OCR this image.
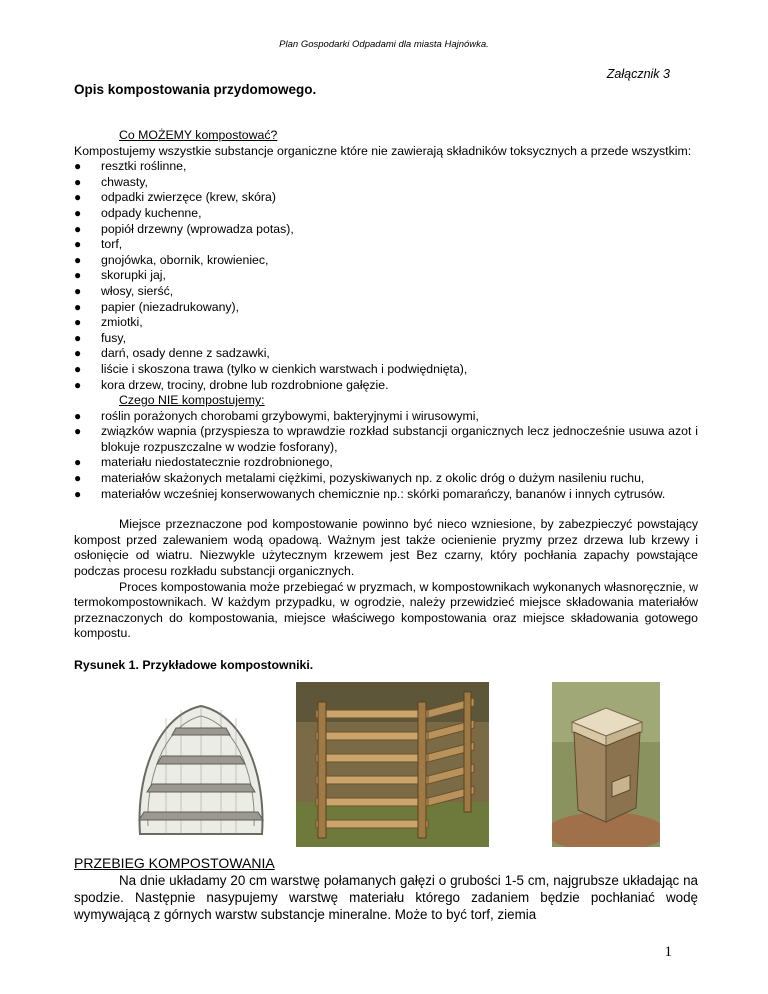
Plan Gospodarki Odpadami dla miasta Hajnówka.
Załącznik 3
Opis kompostowania przydomowego.
Co MOŻEMY kompostować?
Kompostujemy wszystkie substancje organiczne które nie zawierają składników toksycznych a przede wszystkim:
● resztki roślinne,
● chwasty,
● odpadki zwierzęce (krew, skóra)
● odpady kuchenne,
● popiół drzewny (wprowadza potas),
● torf,
● gnojówka, obornik, krowieniec,
● skorupki jaj,
● włosy, sierść,
● papier (niezadrukowany),
● zmiotki,
● fusy,
● darń, osady denne z sadzawki,
● liście i skoszona trawa (tylko w cienkich warstwach i podwiędnięta),
● kora drzew, trociny, drobne lub rozdrobnione gałęzie.
Czego NIE kompostujemy:
● roślin porażonych chorobami grzybowymi, bakteryjnymi i wirusowymi,
● związków wapnia (przyspiesza to wprawdzie rozkład substancji organicznych lecz jednocześnie usuwa azot i blokuje rozpuszczalne w wodzie fosforany),
● materiału niedostatecznie rozdrobnionego,
● materiałów skażonych metalami ciężkimi, pozyskiwanych np. z okolic dróg o dużym nasileniu ruchu,
● materiałów wcześniej konserwowanych chemicznie np.: skórki pomarańczy, bananów i innych cytrusów.
Miejsce przeznaczone pod kompostowanie powinno być nieco wzniesione, by zabezpieczyć powstający kompost przed zalewaniem wodą opadową. Ważnym jest także ocienienie pryzmy przez drzewa lub krzewy i osłonięcie od wiatru. Niezwykle użytecznym krzewem jest Bez czarny, który pochłania zapachy powstające podczas procesu rozkładu substancji organicznych.
Proces kompostowania może przebiegać w pryzmach, w kompostownikach wykonanych własnoręcznie, w termokompostownikach. W każdym przypadku, w ogrodzie, należy przewidzieć miejsce składowania materiałów przeznaczonych do kompostowania, miejsce właściwego kompostowania oraz miejsce składowania gotowego kompostu.
Rysunek 1. Przykładowe kompostowniki.
PRZEBIEG KOMPOSTOWANIA
Na dnie układamy 20 cm warstwę połamanych gałęzi o grubości 1-5 cm, najgrubsze układając na spodzie. Następnie nasypujemy warstwę materiału którego zadaniem będzie pochłaniać wodę wymywającą z górnych warstw substancje mineralne. Może to być torf, ziemia
1
